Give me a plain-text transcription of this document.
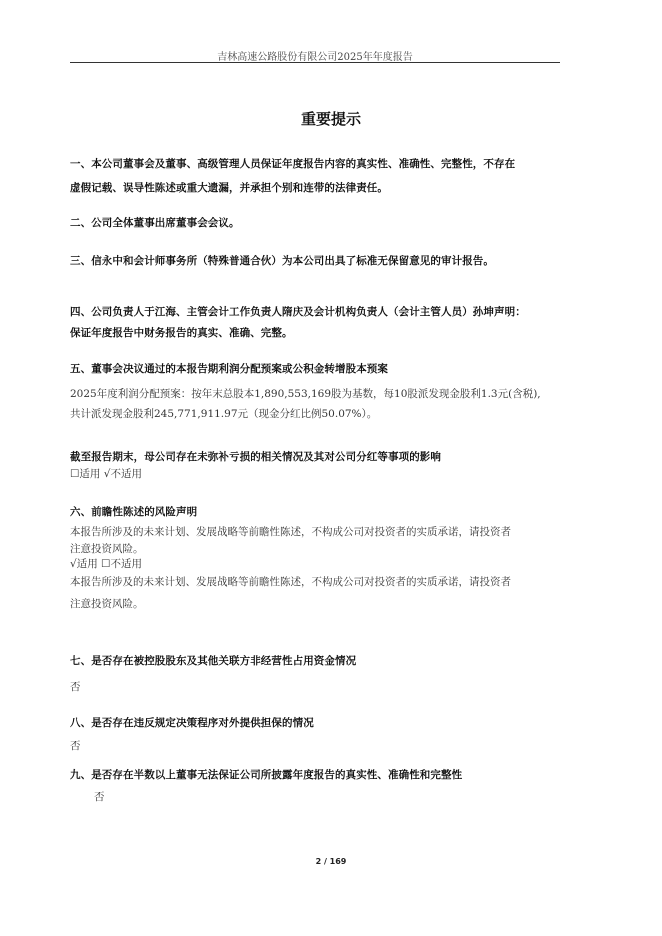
吉林高速公路股份有限公司2025年年度报告
重要提示
一、本公司董事会及董事、高级管理人员保证年度报告内容的真实性、准确性、完整性，不存在
虚假记载、误导性陈述或重大遗漏，并承担个别和连带的法律责任。
二、公司全体董事出席董事会会议。
三、信永中和会计师事务所（特殊普通合伙）为本公司出具了标准无保留意见的审计报告。
四、公司负责人于江海、主管会计工作负责人隋庆及会计机构负责人（会计主管人员）孙坤声明：
保证年度报告中财务报告的真实、准确、完整。
五、董事会决议通过的本报告期利润分配预案或公积金转增股本预案
2025年度利润分配预案：按年末总股本1,890,553,169股为基数，每10股派发现金股利1.3元(含税),
共计派发现金股利245,771,911.97元（现金分红比例50.07%）。
截至报告期末，母公司存在未弥补亏损的相关情况及其对公司分红等事项的影响
☐适用 √不适用
六、前瞻性陈述的风险声明
本报告所涉及的未来计划、发展战略等前瞻性陈述，不构成公司对投资者的实质承诺，请投资者
注意投资风险。
√适用 ☐不适用
本报告所涉及的未来计划、发展战略等前瞻性陈述，不构成公司对投资者的实质承诺，请投资者
注意投资风险。
七、是否存在被控股股东及其他关联方非经营性占用资金情况
否
八、是否存在违反规定决策程序对外提供担保的情况
否
九、是否存在半数以上董事无法保证公司所披露年度报告的真实性、准确性和完整性
否
2 / 169
